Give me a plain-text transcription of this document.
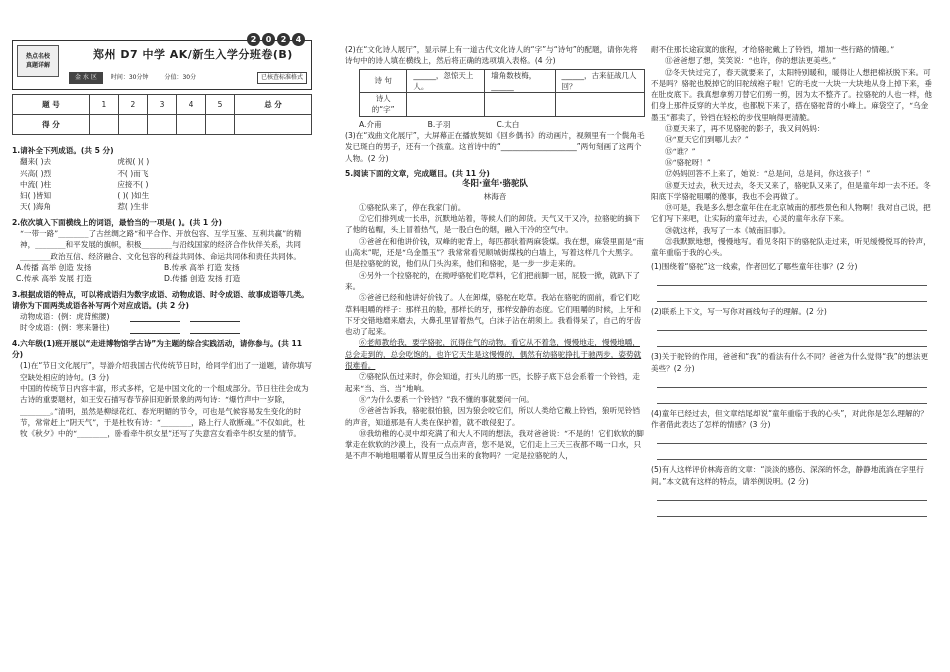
热点名校
真题详解
2	0	2	4
郑州 D7 中学 AK/新生入学分班卷(B)
金 水 区	时间：30分钟	分值：30分	已核查标准格式
题 号	1	2	3	4	5	总 分
得 分						
1.请补全下列成语。(共 5 分)
翻来( )去	虎视( )( )
兴高( )烈	不( )而飞
中流( )柱	应接不( )
妇( )皆知	( )( )如生
天( )海角	惹( )生非
2.依次填入下面横线上的词语，最恰当的一项是( )。(共 1 分)
“一带一路”________了古丝绸之路“和平合作、开放包容、互学互鉴、互利共赢”的精神，________和平发展的旗帜，积极________与沿线国家的经济合作伙伴关系，共同________政治互信、经济融合、文化包容的利益共同体、命运共同体和责任共同体。
A.传播 高举 创造 发扬	B.传承 高举 打造 发扬
C.传承 高举 发展 打造	D.传播 创造 发扬 打造
3.根据成语的特点，可以将成语归为数字成语、动物成语、时令成语、故事成语等几类。请你为下面两类成语各补写两个对应成语。(共 2 分)
动物成语：(例：虎背熊腰)
时令成语：(例：寒来暑往)
4.六年级(1)班开展以“走进博物馆学古诗”为主题的综合实践活动，请你参与。(共 11 分)
(1)在“节日文化展厅”，导游介绍我国古代传统节日时，给同学们出了一道题，请你填写空缺处相应的诗句。(3 分)
中国的传统节日内容丰富，形式多样，它是中国文化的一个组成部分。节日往往会成为古诗的重要题材，如王安石描写春节辞旧迎新景象的两句诗：“爆竹声中一岁除，________。”清明，虽然是柳绿花红、春光明媚的节令，可也是气候容易发生变化的时节，常常赶上“阴天气”，于是杜牧有诗：“________，路上行人欲断魂。”不仅如此，杜牧《秋夕》中的“________，卧看牵牛织女星”还写了失意宫女看牵牛织女星的情节。
(2)在“文化诗人展厅”，显示屏上有一道古代文化诗人的“字”与“诗句”的配题，请你先将诗句中的诗人填在横线上，然后将正确的选项填入表格。(4 分)
诗 句	______，忽惊天上人。	墙角数枝梅，______	______，古来征战几人回？
诗人的“字”			
A.介甫	B.子羽	C.太白
(3)在“戏曲文化展厅”，大屏幕正在播放契如《回乡偶书》的动画片，视频里有一个鬓角毛发已斑白的男子，还有一个孩童。这首诗中的“____________________”两句刻画了这两个人物。(2 分)
5.阅读下面的文章，完成题目。(共 11 分)
冬阳·童年·骆驼队
林海音
①骆驼队来了，停在我家门前。
②它们排列成一长串，沉默地站着，等候人们的卸货。天气又干又冷，拉骆驼的摘下了他的毡帽，头上冒着热气，是一股白色的烟，融入干冷的空气中。
③爸爸在和他讲价钱，双峰的驼背上，每匹都驮着两麻袋煤。我在想，麻袋里面是“南山高末”呢，还是“乌金墨玉”？我常常看见顺城街煤栈的白墙上，写着这样几个大黑字。但是拉骆驼的说，他们从门头沟来，他们和骆驼，是一步一步走来的。
④另外一个拉骆驼的，在拗呼骆驼们吃草料，它们把前脚一屈，屁股一掀，就趴下了来。
⑤爸爸已经和他讲好价钱了。人在卸煤，骆驼在吃草。我站在骆驼的面前，看它们吃草料咀嚼的样子：那样丑的脸，那样长的牙，那样安静的态度。它们咀嚼的时候，上牙和下牙交错地磨来磨去，大鼻孔里冒着热气，白沫子沾在胡须上。我看得呆了，自己的牙齿也动了起来。
⑥老师教给我，要学骆驼，沉得住气的动物。看它从不着急，慢慢地走，慢慢地嚼，总会走到的，总会吃饱的。也许它天生是这慢慢的，偶然有幼骆驼挣扎于驰两步，姿势就很难看。
⑦骆驼队伍过来时，你会知道，打头儿的那一匹，长脖子底下总会系着一个铃铛，走起来“当、当、当”地响。
⑧“为什么要系一个铃铛？”我不懂的事就要问一问。
⑨爸爸告诉我，骆驼很怕狼，因为狼会咬它们，所以人类给它戴上铃铛，狼听见铃铛的声音，知道那是有人类在保护着，就不敢侵犯了。
⑩我幼稚的心灵中却充满了和大人不同的想法，我对爸爸说：“不是的！它们软软的脚掌走在软软的沙漠上，没有一点点声音，您不是说，它们走上三天三夜都不喝一口水，只是不声不响地咀嚼着从胃里反刍出来的食物吗？一定是拉骆驼的人，
耐不住那长途寂寞的旅程，才给骆驼戴上了铃铛，增加一些行路的情趣。”
⑪爸爸想了想，笑笑说：“也许，你的想法更美些。”
⑫冬天快过完了，春天就要来了，太阳特别暖和，暖得让人想把棉袄脱下来。可不是吗？骆驼也脱掉它的旧驼绒袍子啦！它的毛皮一大块一大块地从身上掉下来，垂在肚皮底下。我真想拿剪刀替它们剪一剪，因为太不整齐了。拉骆驼的人也一样，他们身上那件反穿的大羊皮，也都脱下来了，搭在骆驼背的小峰上。麻袋空了，“乌金墨玉”都卖了，铃铛在轻松的步伐里响得更清脆。
⑬夏天来了，再不见骆驼的影子，我又问妈妈：
⑭“夏天它们到哪儿去？”
⑮“谁？”
⑯“骆驼呀！”
⑰妈妈回答不上来了，她说：“总是问，总是问，你这孩子！”
⑱夏天过去，秋天过去，冬天又来了，骆驼队又来了，但是童年却一去不还。冬阳底下学骆驼咀嚼的傻事，我也不会再做了。
⑲可是，我是多么想念童年住在北京城南的那些景色和人物啊！我对自己说，把它们写下来吧，让实际的童年过去，心灵的童年永存下来。
⑳就这样，我写了一本《城南旧事》。
㉑我默默地想，慢慢地写。看见冬阳下的骆驼队走过来，听见缓慢悦耳的铃声，童年重临于我的心头。
(1)围绕着“骆驼”这一线索，作者回忆了哪些童年往事？(2 分)
(2)联系上下文，写一写你对画线句子的理解。(2 分)
(3)关于驼铃的作用，爸爸和“我”的看法有什么不同？爸爸为什么觉得“我”的想法更美些？(2 分)
(4)童年已经过去，但文章结尾却说“童年重临于我的心头”，对此你是怎么理解的？作者借此表达了怎样的情感？(3 分)
(5)有人这样评价林海音的文章：“淡淡的感伤、深深的怀念，静静地流淌在字里行间。”本文就有这样的特点，请举例说明。(2 分)
